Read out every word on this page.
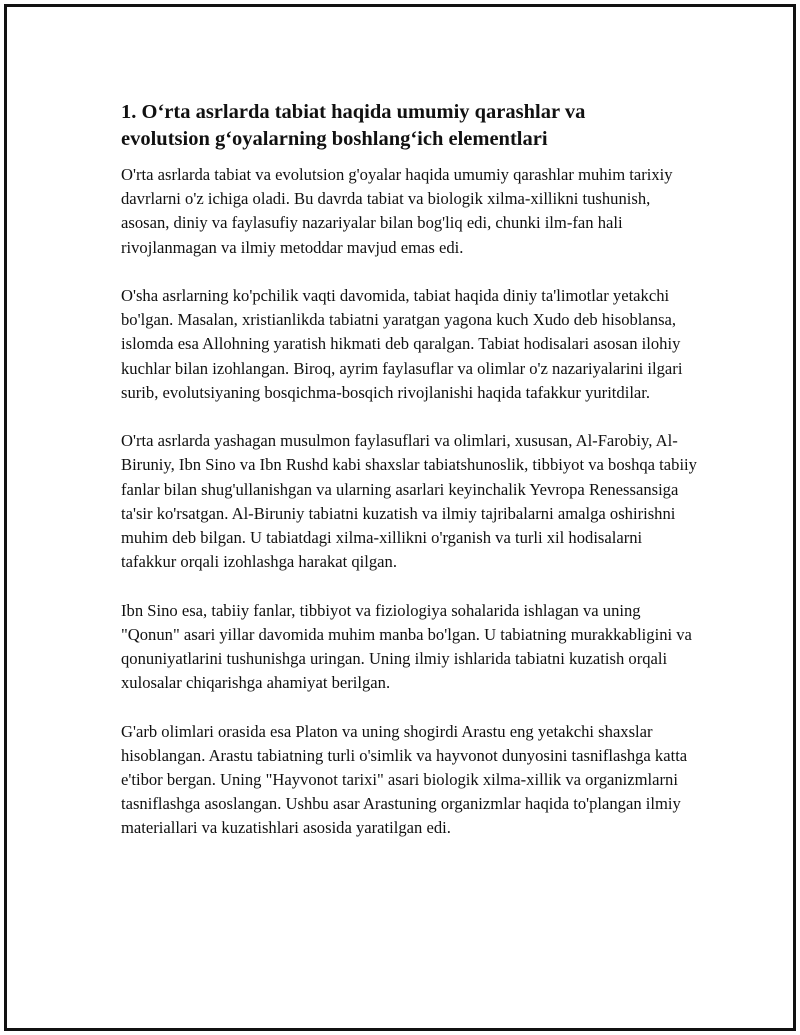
1. O‘rta asrlarda tabiat haqida umumiy qarashlar va
evolutsion g‘oyalarning boshlang‘ich elementlari

O'rta asrlarda tabiat va evolutsion g'oyalar haqida umumiy qarashlar muhim tarixiy davrlarni o'z ichiga oladi. Bu davrda tabiat va biologik xilma-xillikni tushunish, asosan, diniy va faylasufiy nazariyalar bilan bog'liq edi, chunki ilm-fan hali rivojlanmagan va ilmiy metoddar mavjud emas edi.

O'sha asrlarning ko'pchilik vaqti davomida, tabiat haqida diniy ta'limotlar yetakchi bo'lgan. Masalan, xristianlikda tabiatni yaratgan yagona kuch Xudo deb hisoblansa, islomda esa Allohning yaratish hikmati deb qaralgan. Tabiat hodisalari asosan ilohiy kuchlar bilan izohlangan. Biroq, ayrim faylasuflar va olimlar o'z nazariyalarini ilgari surib, evolutsiyaning bosqichma-bosqich rivojlanishi haqida tafakkur yuritdilar.

O'rta asrlarda yashagan musulmon faylasuflari va olimlari, xususan, Al-Farobiy, Al-Biruniy, Ibn Sino va Ibn Rushd kabi shaxslar tabiatshunoslik, tibbiyot va boshqa tabiiy fanlar bilan shug'ullanishgan va ularning asarlari keyinchalik Yevropa Renessansiga ta'sir ko'rsatgan. Al-Biruniy tabiatni kuzatish va ilmiy tajribalarni amalga oshirishni muhim deb bilgan. U tabiatdagi xilma-xillikni o'rganish va turli xil hodisalarni tafakkur orqali izohlashga harakat qilgan.

Ibn Sino esa, tabiiy fanlar, tibbiyot va fiziologiya sohalarida ishlagan va uning "Qonun" asari yillar davomida muhim manba bo'lgan. U tabiatning murakkabligini va qonuniyatlarini tushunishga uringan. Uning ilmiy ishlarida tabiatni kuzatish orqali xulosalar chiqarishga ahamiyat berilgan.

G'arb olimlari orasida esa Platon va uning shogirdi Arastu eng yetakchi shaxslar hisoblangan. Arastu tabiatning turli o'simlik va hayvonot dunyosini tasniflashga katta e'tibor bergan. Uning "Hayvonot tarixi" asari biologik xilma-xillik va organizmlarni tasniflashga asoslangan. Ushbu asar Arastuning organizmlar haqida to'plangan ilmiy materiallari va kuzatishlari asosida yaratilgan edi.
